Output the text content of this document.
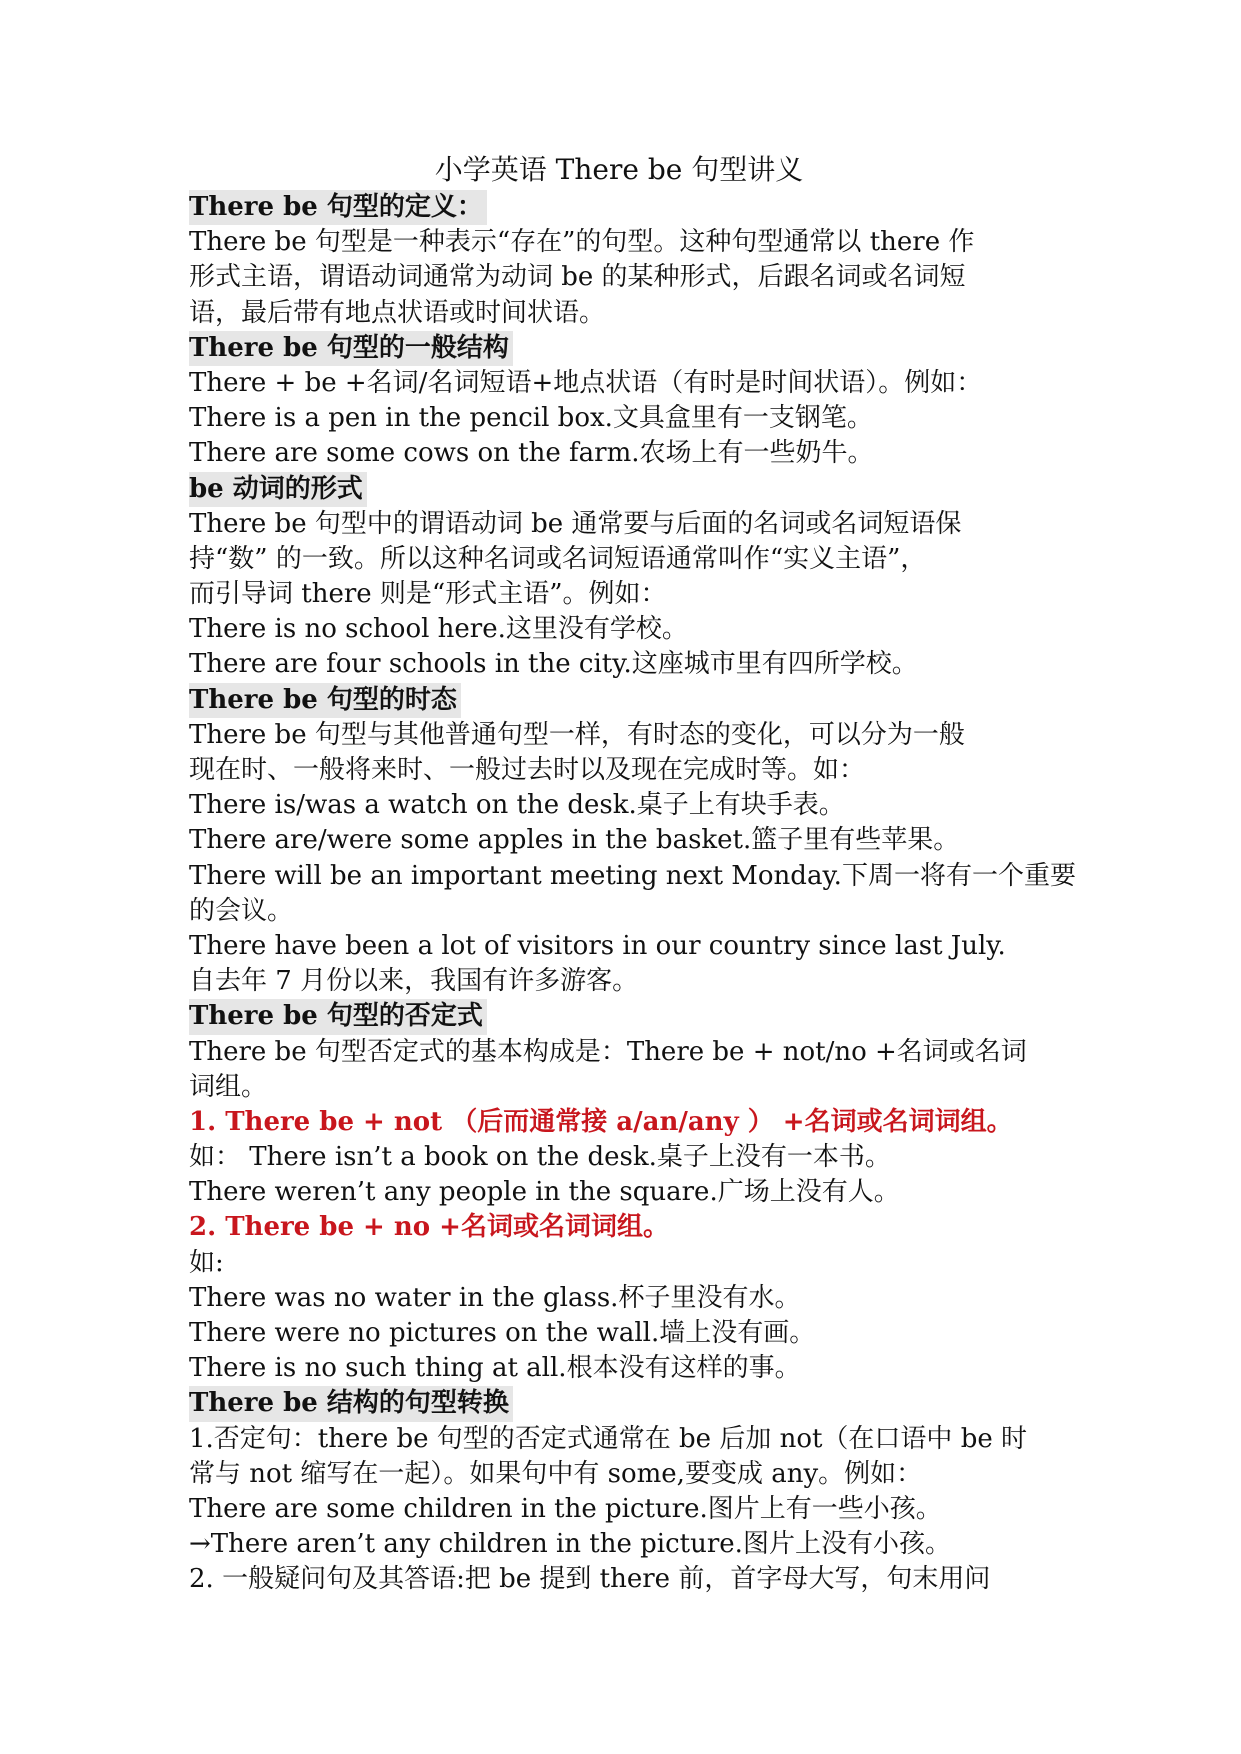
小学英语 There be 句型讲义
There be 句型的定义：
There be 句型是一种表示“存在”的句型。这种句型通常以 there 作
形式主语，谓语动词通常为动词 be 的某种形式，后跟名词或名词短
语，最后带有地点状语或时间状语。
There be 句型的一般结构
There + be +名词/名词短语+地点状语（有时是时间状语）。例如：
There is a pen in the pencil box.文具盒里有一支钢笔。
There are some cows on the farm.农场上有一些奶牛。
be 动词的形式
There be 句型中的谓语动词 be 通常要与后面的名词或名词短语保
持“数” 的一致。所以这种名词或名词短语通常叫作“实义主语”，
而引导词 there 则是“形式主语”。例如：
There is no school here.这里没有学校。
There are four schools in the city.这座城市里有四所学校。
There be 句型的时态
There be 句型与其他普通句型一样，有时态的变化，可以分为一般
现在时、一般将来时、一般过去时以及现在完成时等。如：
There is/was a watch on the desk.桌子上有块手表。
There are/were some apples in the basket.篮子里有些苹果。
There will be an important meeting next Monday.下周一将有一个重要
的会议。
There have been a lot of visitors in our country since last July.
自去年 7 月份以来，我国有许多游客。
There be 句型的否定式
There be 句型否定式的基本构成是：There be + not/no +名词或名词
词组。
1. There be + not （后而通常接 a/an/any ） +名词或名词词组。
如： There isn’t a book on the desk.桌子上没有一本书。
There weren’t any people in the square.广场上没有人。
2. There be + no +名词或名词词组。
如:
There was no water in the glass.杯子里没有水。
There were no pictures on the wall.墙上没有画。
There is no such thing at all.根本没有这样的事。
There be 结构的句型转换
1.否定句：there be 句型的否定式通常在 be 后加 not（在口语中 be 时
常与 not 缩写在一起）。如果句中有 some,要变成 any。例如：
There are some children in the picture.图片上有一些小孩。
→There aren’t any children in the picture.图片上没有小孩。
2. 一般疑问句及其答语:把 be 提到 there 前，首字母大写，句末用问
